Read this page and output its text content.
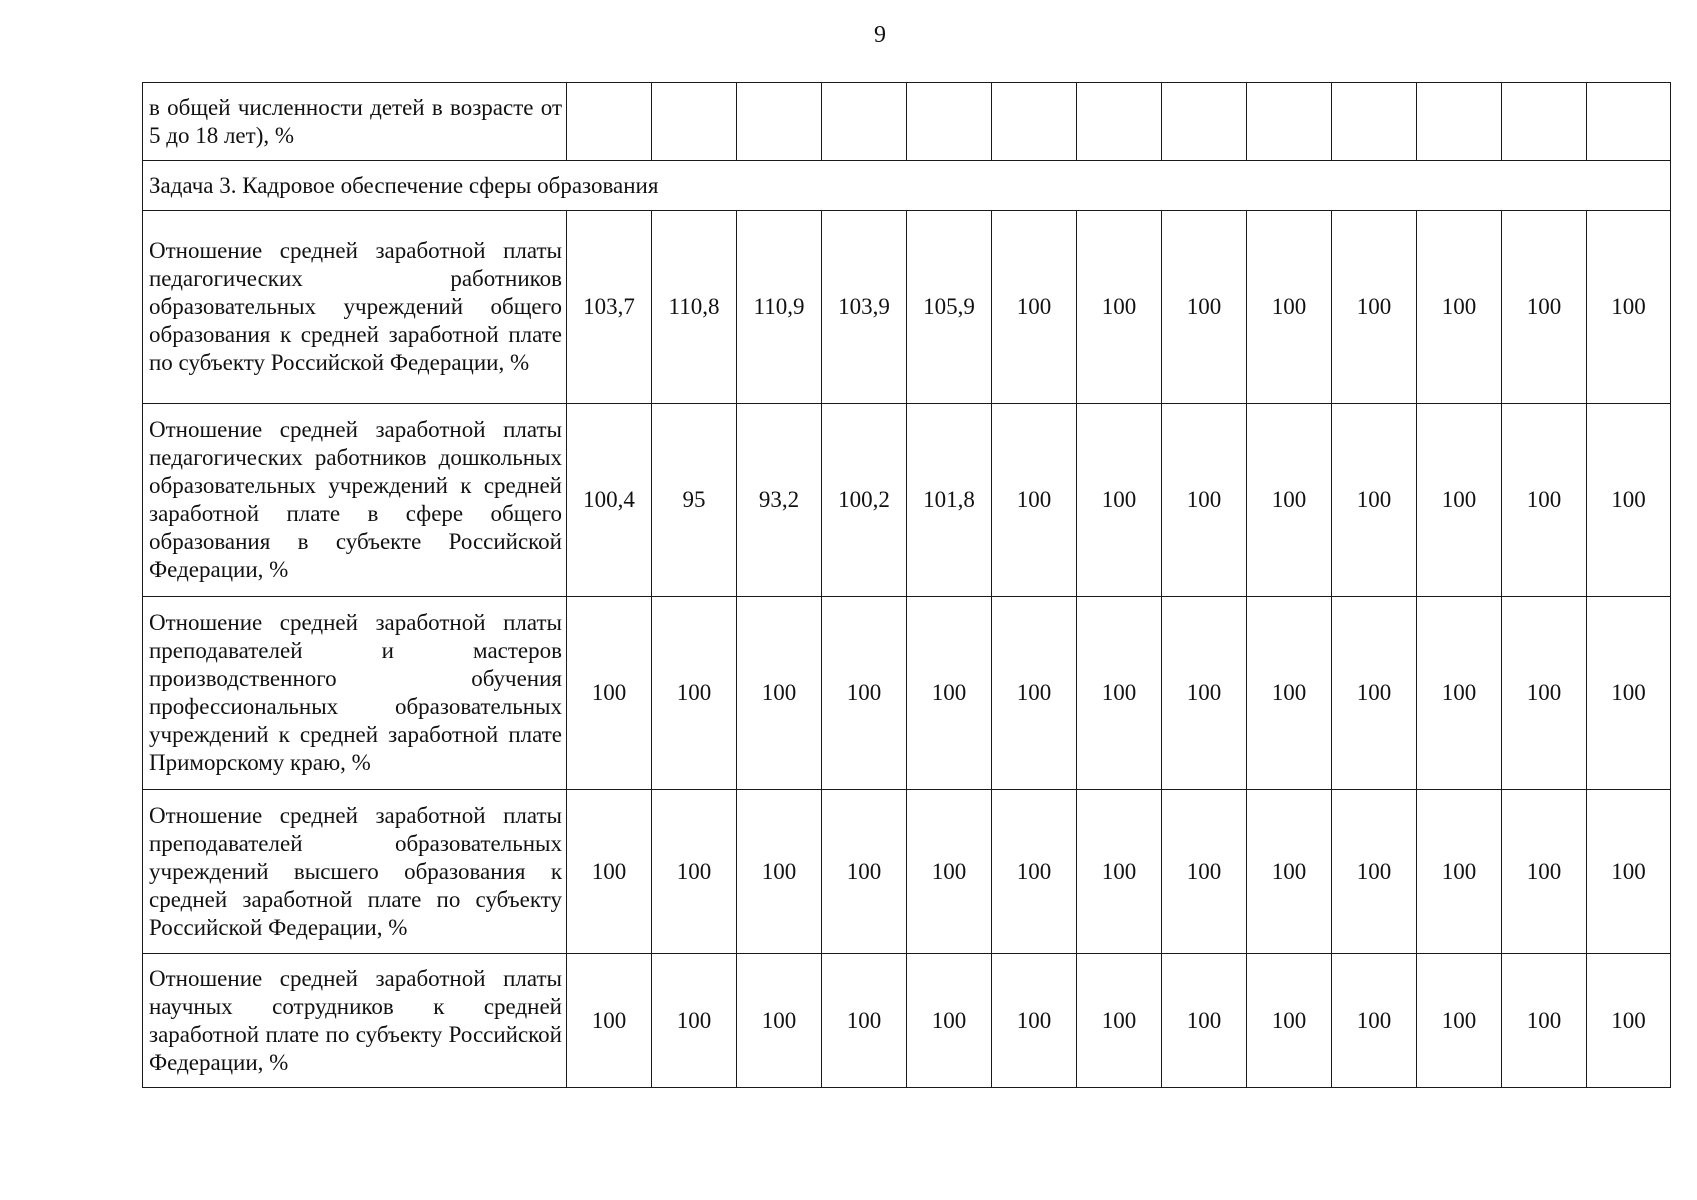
9
в общей численности детей в возрасте от 5 до 18 лет), %													

Задача 3. Кадровое обеспечение сферы образования													

Отношение средней заработной платы педагогических работников образовательных учреждений общего образования к средней заработной плате по субъекту Российской Федерации, %	103,7	110,8	110,9	103,9	105,9	100	100	100	100	100	100	100	100

Отношение средней заработной платы педагогических работников дошкольных образовательных учреждений к средней заработной плате в сфере общего образования в субъекте Российской Федерации, %	100,4	95	93,2	100,2	101,8	100	100	100	100	100	100	100	100

Отношение средней заработной платы преподавателей и мастеров производственного обучения профессиональных образовательных учреждений к средней заработной плате Приморскому краю, %	100	100	100	100	100	100	100	100	100	100	100	100	100

Отношение средней заработной платы преподавателей образовательных учреждений высшего образования к средней заработной плате по субъекту Российской Федерации, %	100	100	100	100	100	100	100	100	100	100	100	100	100

Отношение средней заработной платы научных сотрудников к средней заработной плате по субъекту Российской Федерации, %	100	100	100	100	100	100	100	100	100	100	100	100	100
